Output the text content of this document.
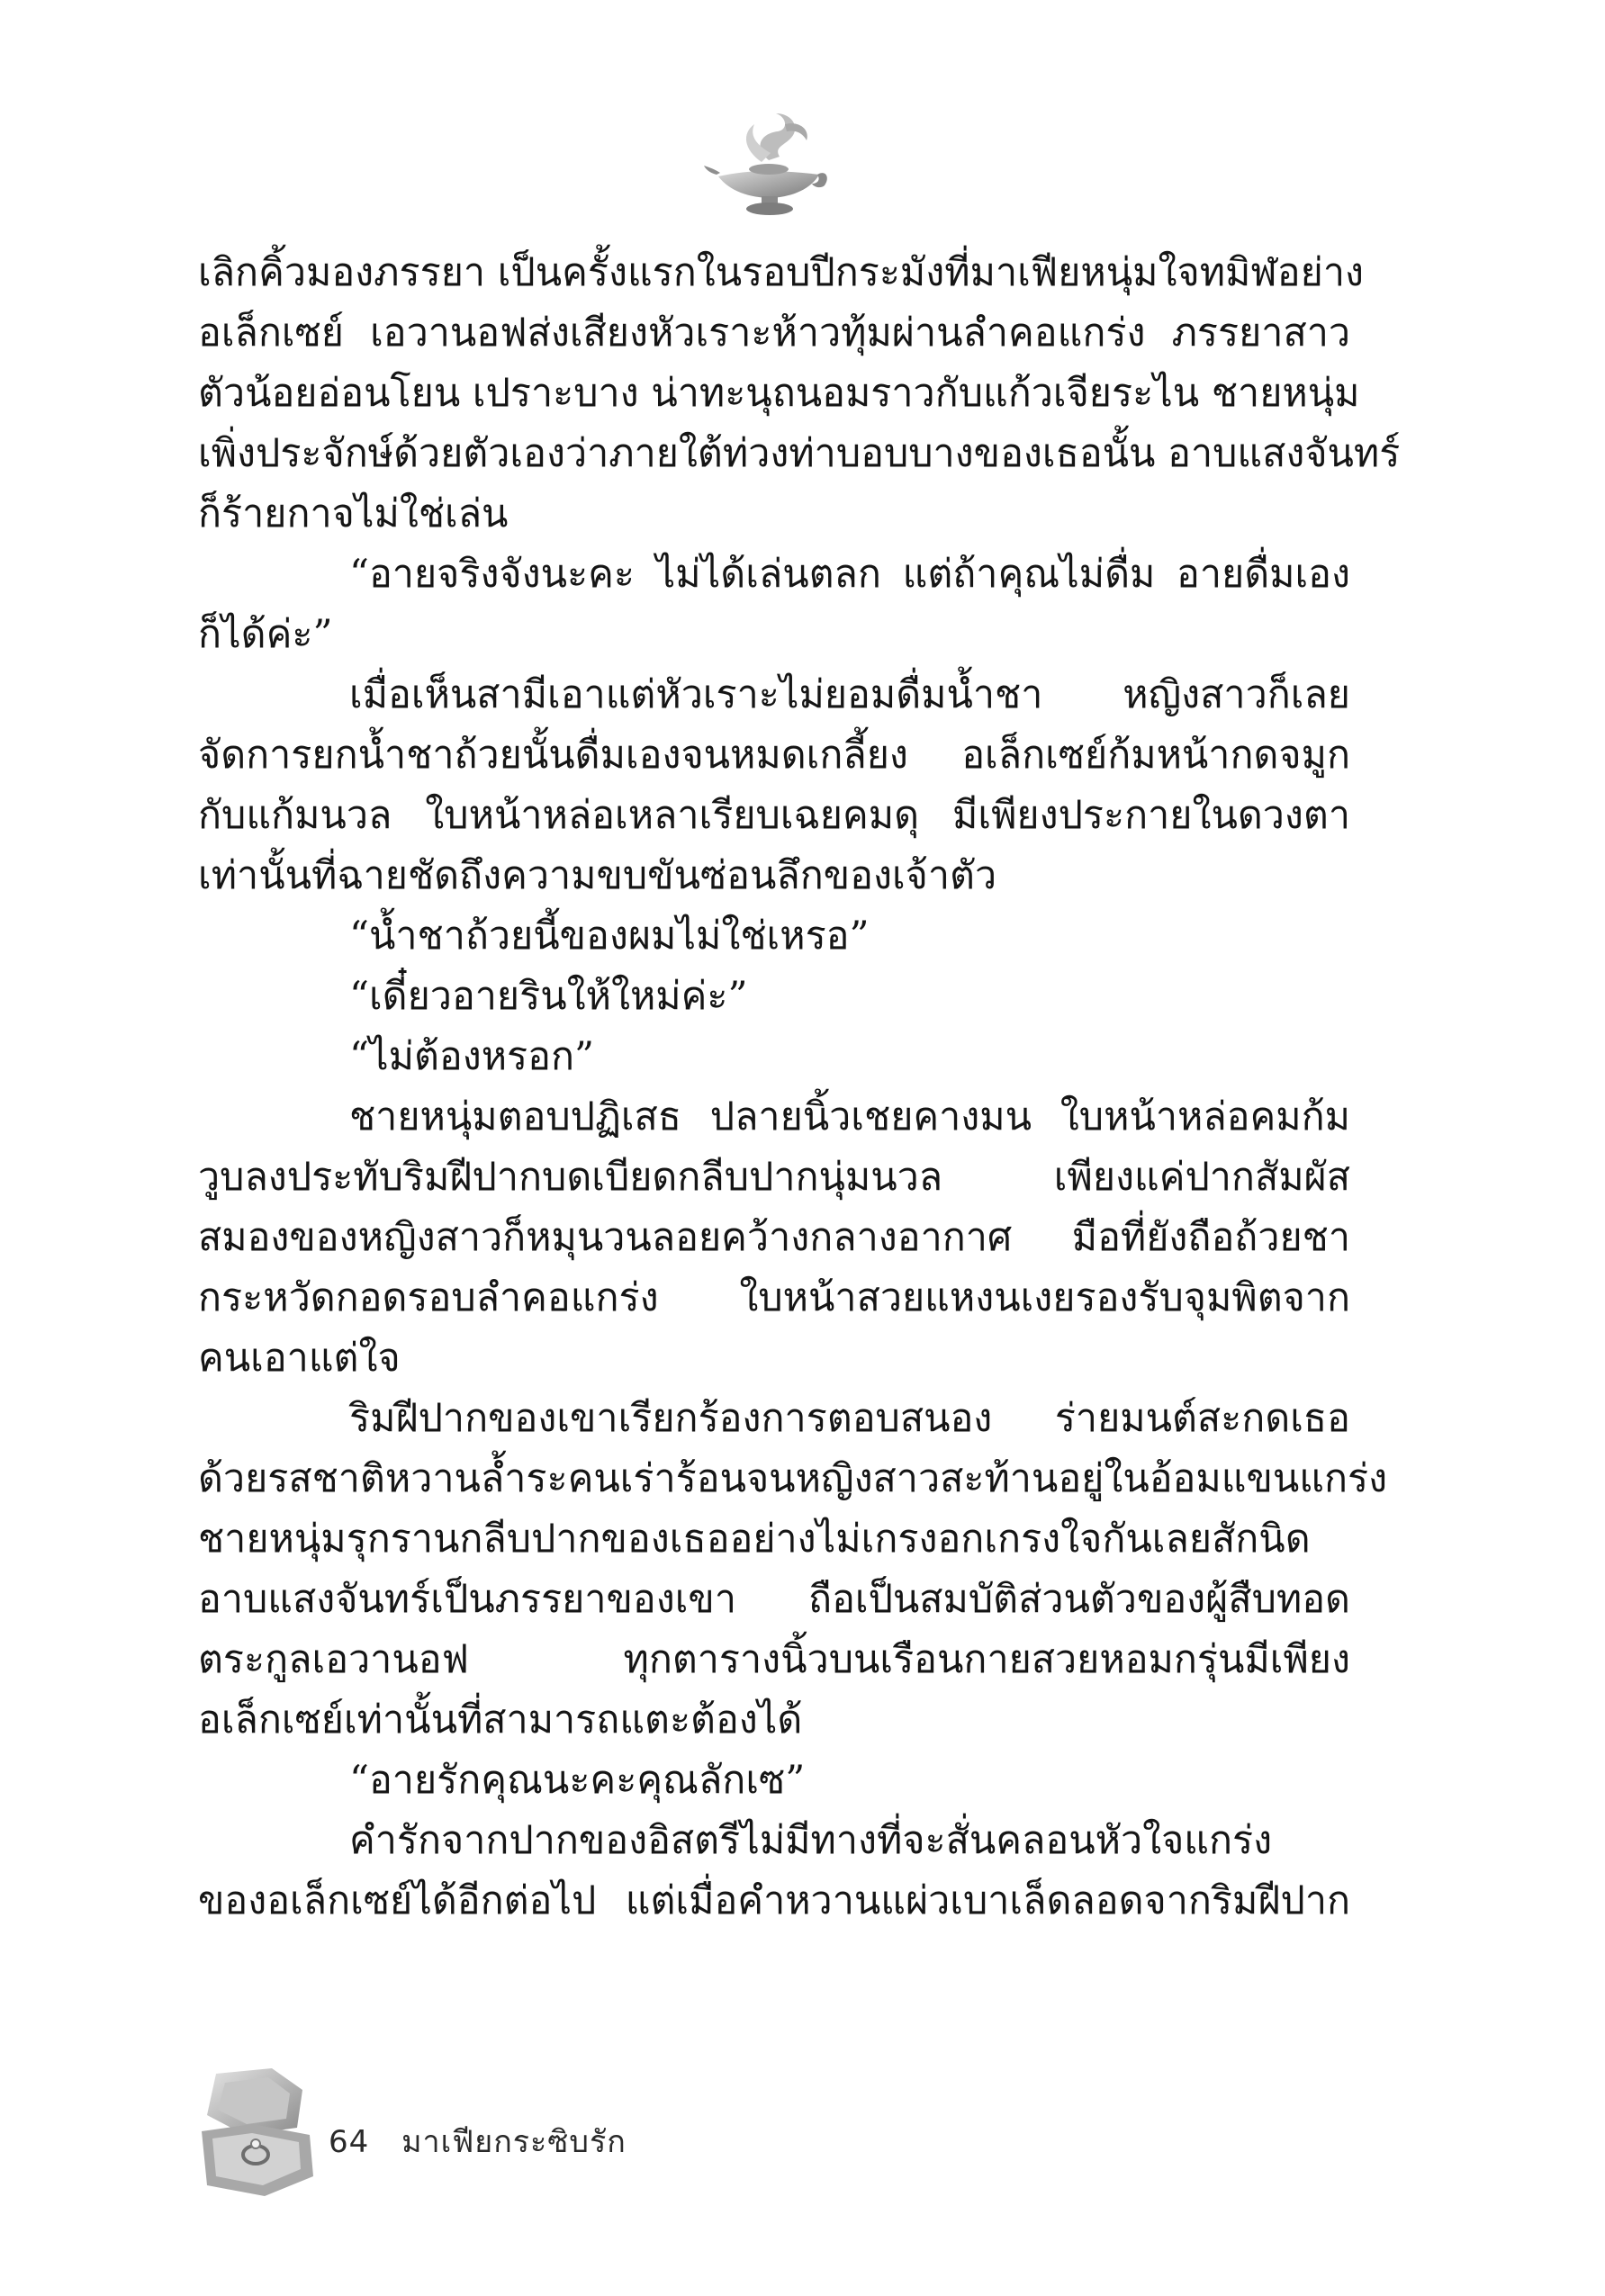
เลิกคิ้วมองภรรยา เป็นครั้งแรกในรอบปีกระมังที่มาเฟียหนุ่มใจทมิฬอย่าง
อเล็กเซย์ เอวานอฟส่งเสียงหัวเราะห้าวทุ้มผ่านลำคอแกร่ง ภรรยาสาว
ตัวน้อยอ่อนโยน เปราะบาง น่าทะนุถนอมราวกับแก้วเจียระไน ชายหนุ่ม
เพิ่งประจักษ์ด้วยตัวเองว่าภายใต้ท่วงท่าบอบบางของเธอนั้น อาบแสงจันทร์
ก็ร้ายกาจไม่ใช่เล่น
“อายจริงจังนะคะ ไม่ได้เล่นตลก แต่ถ้าคุณไม่ดื่ม อายดื่มเอง
ก็ได้ค่ะ”
เมื่อเห็นสามีเอาแต่หัวเราะไม่ยอมดื่มน้ำชา หญิงสาวก็เลย
จัดการยกน้ำชาถ้วยนั้นดื่มเองจนหมดเกลี้ยง อเล็กเซย์ก้มหน้ากดจมูก
กับแก้มนวล ใบหน้าหล่อเหลาเรียบเฉยคมดุ มีเพียงประกายในดวงตา
เท่านั้นที่ฉายชัดถึงความขบขันซ่อนลึกของเจ้าตัว
“น้ำชาถ้วยนี้ของผมไม่ใช่เหรอ”
“เดี๋ยวอายรินให้ใหม่ค่ะ”
“ไม่ต้องหรอก”
ชายหนุ่มตอบปฏิเสธ ปลายนิ้วเชยคางมน ใบหน้าหล่อคมก้ม
วูบลงประทับริมฝีปากบดเบียดกลีบปากนุ่มนวล เพียงแค่ปากสัมผัส
สมองของหญิงสาวก็หมุนวนลอยคว้างกลางอากาศ มือที่ยังถือถ้วยชา
กระหวัดกอดรอบลำคอแกร่ง ใบหน้าสวยแหงนเงยรองรับจุมพิตจาก
คนเอาแต่ใจ
ริมฝีปากของเขาเรียกร้องการตอบสนอง ร่ายมนต์สะกดเธอ
ด้วยรสชาติหวานล้ำระคนเร่าร้อนจนหญิงสาวสะท้านอยู่ในอ้อมแขนแกร่ง
ชายหนุ่มรุกรานกลีบปากของเธออย่างไม่เกรงอกเกรงใจกันเลยสักนิด
อาบแสงจันทร์เป็นภรรยาของเขา ถือเป็นสมบัติส่วนตัวของผู้สืบทอด
ตระกูลเอวานอฟ ทุกตารางนิ้วบนเรือนกายสวยหอมกรุ่นมีเพียง
อเล็กเซย์เท่านั้นที่สามารถแตะต้องได้
“อายรักคุณนะคะคุณลักเซ”
คำรักจากปากของอิสตรีไม่มีทางที่จะสั่นคลอนหัวใจแกร่ง
ของอเล็กเซย์ได้อีกต่อไป แต่เมื่อคำหวานแผ่วเบาเล็ดลอดจากริมฝีปาก
64 มาเฟียกระซิบรัก
